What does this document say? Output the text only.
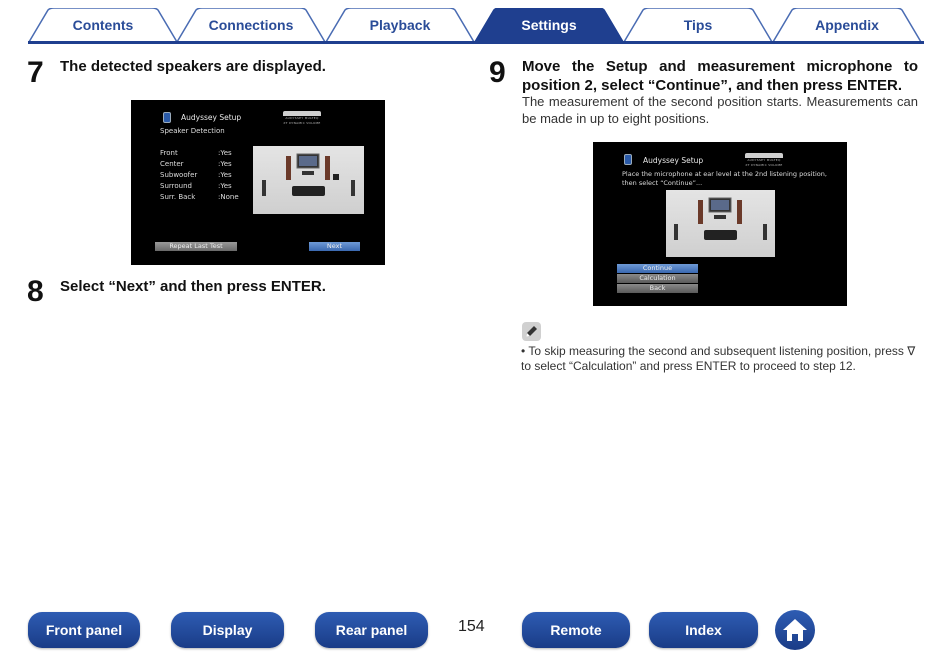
Contents	Connections	Playback	Tips	Appendix
Settings
7 The detected speakers are displayed.
Audyssey Setup	AUDYSSEY MULTEQ XT DYNAMIC VOLUME
Speaker Detection
Front	:Yes
Center	:Yes
Subwoofer	:Yes
Surround	:Yes
Surr. Back	:None
Repeat Last Test	Next
8 Select “Next” and then press ENTER.
9 Move the Setup and measurement microphone to position 2, select “Continue”, and then press ENTER.
The measurement of the second position starts. Measurements can be made in up to eight positions.
Audyssey Setup	AUDYSSEY MULTEQ XT DYNAMIC VOLUME
Place the microphone at ear level at the 2nd listening position,
then select “Continue”...
Continue
Calculation
Back
• To skip measuring the second and subsequent listening position, press ∇ to select “Calculation” and press ENTER to proceed to step 12.
Front panel	Display	Rear panel	154	Remote	Index
